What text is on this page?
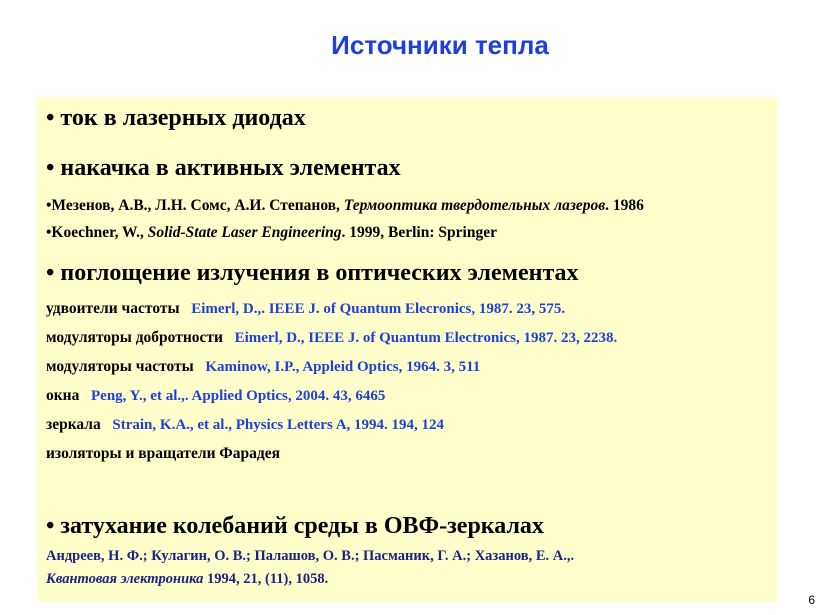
Источники тепла
• ток в лазерных диодах
• накачка в активных элементах
•Мезенов, А.В., Л.Н. Сомс, А.И. Степанов, Термооптика твердотельных лазеров. 1986
•Koechner, W., Solid-State Laser Engineering. 1999, Berlin: Springer
• поглощение излучения в оптических элементах
удвоители частоты Eimerl, D.,. IEEE J. of Quantum Elecronics, 1987. 23, 575.
модуляторы добротности Eimerl, D., IEEE J. of Quantum Electronics, 1987. 23, 2238.
модуляторы частоты Kaminow, I.P., Appleid Optics, 1964. 3, 511
окна Peng, Y., et al.,. Applied Optics, 2004. 43, 6465
зеркала Strain, K.A., et al., Physics Letters A, 1994. 194, 124
изоляторы и вращатели Фарадея
• затухание колебаний среды в ОВФ-зеркалах
Андреев, Н. Ф.; Кулагин, О. В.; Палашов, О. В.; Пасманик, Г. А.; Хазанов, Е. А.,.
Квантовая электроника 1994, 21, (11), 1058.
6
